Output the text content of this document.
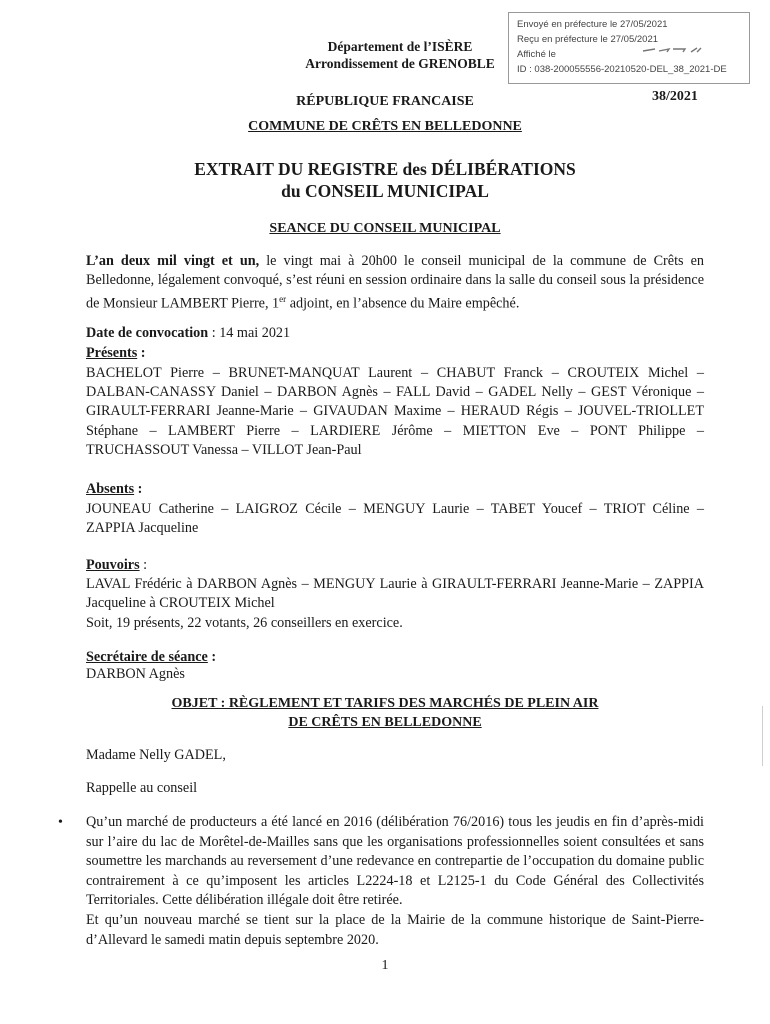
Envoyé en préfecture le 27/05/2021
Reçu en préfecture le 27/05/2021
Affiché le
ID : 038-200055556-20210520-DEL_38_2021-DE
Département de l’ISÈRE
Arrondissement de GRENOBLE
38/2021
RÉPUBLIQUE FRANCAISE
COMMUNE DE CRÊTS EN BELLEDONNE
EXTRAIT DU REGISTRE des DÉLIBÉRATIONS
du CONSEIL MUNICIPAL
SEANCE DU CONSEIL MUNICIPAL
L’an deux mil vingt et un, le vingt mai à 20h00 le conseil municipal de la commune de Crêts en Belledonne, légalement convoqué, s’est réuni en session ordinaire dans la salle du conseil sous la présidence de Monsieur LAMBERT Pierre, 1er adjoint, en l’absence du Maire empêché.
Date de convocation : 14 mai 2021
Présents :
BACHELOT Pierre – BRUNET-MANQUAT Laurent – CHABUT Franck – CROUTEIX Michel – DALBAN-CANASSY Daniel – DARBON Agnès – FALL David – GADEL Nelly – GEST Véronique – GIRAULT-FERRARI Jeanne-Marie – GIVAUDAN Maxime – HERAUD Régis – JOUVEL-TRIOLLET Stéphane – LAMBERT Pierre – LARDIERE Jérôme – MIETTON Eve – PONT Philippe – TRUCHASSOUT Vanessa – VILLOT Jean-Paul
Absents :
JOUNEAU Catherine – LAIGROZ Cécile – MENGUY Laurie – TABET Youcef – TRIOT Céline – ZAPPIA Jacqueline
Pouvoirs :
LAVAL Frédéric à DARBON Agnès – MENGUY Laurie à GIRAULT-FERRARI Jeanne-Marie – ZAPPIA Jacqueline à CROUTEIX Michel
Soit, 19 présents, 22 votants, 26 conseillers en exercice.
Secrétaire de séance :
DARBON Agnès
OBJET : RÈGLEMENT ET TARIFS DES MARCHÉS DE PLEIN AIR
DE CRÊTS EN BELLEDONNE
Madame Nelly GADEL,
Rappelle au conseil
• Qu’un marché de producteurs a été lancé en 2016 (délibération 76/2016) tous les jeudis en fin d’après-midi sur l’aire du lac de Morêtel-de-Mailles sans que les organisations professionnelles soient consultées et sans soumettre les marchands au reversement d’une redevance en contrepartie de l’occupation du domaine public contrairement à ce qu’imposent les articles L2224-18 et L2125-1 du Code Général des Collectivités Territoriales. Cette délibération illégale doit être retirée.
Et qu’un nouveau marché se tient sur la place de la Mairie de la commune historique de Saint-Pierre-d’Allevard le samedi matin depuis septembre 2020.
1
